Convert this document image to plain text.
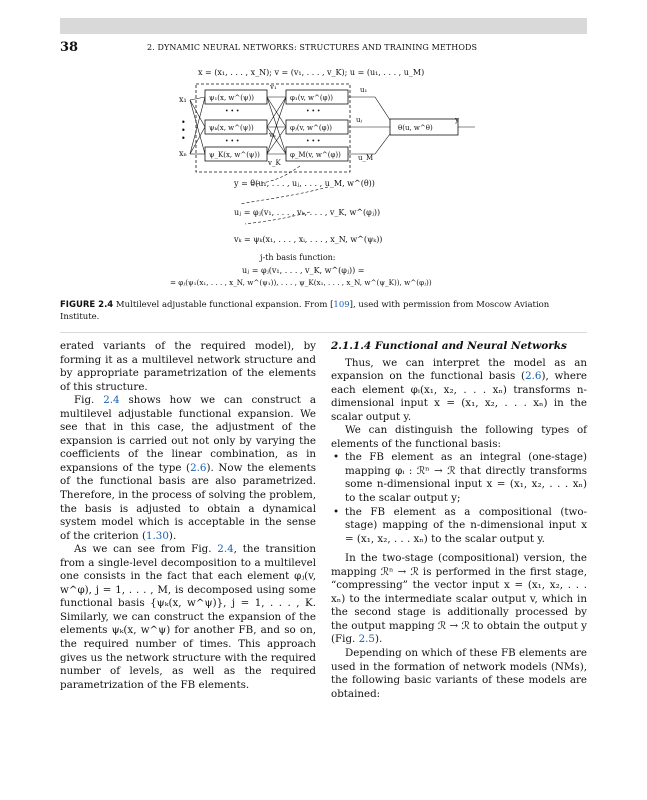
38	2. DYNAMIC NEURAL NETWORKS: STRUCTURES AND TRAINING METHODS
x = (x₁, . . . , x_N); v = (v₁, . . . , v_K); u = (u₁, . . . , u_M)
x₁
•
•
•
xₙ
ψ₁(x, w^(ψ))
• • •
ψₖ(x, w^(ψ))
• • •
ψ_K(x, w^(ψ))
v₁
vₖ
v_K
φ₁(v, w^(φ))
• • •
φⱼ(v, w^(φ))
• • •
φ_M(v, w^(φ))
u₁
uⱼ
u_M
θ(u, w^θ)
y
y = θ(u₁, . . . , uⱼ, . . . , u_M, w^(θ))
uⱼ = φⱼ(v₁, . . . , vₖ, . . . , v_K, w^(φⱼ))
vₖ = ψₖ(x₁, . . . , xᵢ, . . . , x_N, w^(ψₖ))
j-th basis function:
uⱼ = φⱼ(v₁, . . . , v_K, w^(φⱼ)) =
= φⱼ(ψ₁(x₁, . . . , x_N, w^(ψ₁)), . . . , ψ_K(x₁, . . . , x_N, w^(ψ_K)), w^(φⱼ))
FIGURE 2.4 Multilevel adjustable functional expansion. From [109], used with permission from Moscow Aviation Institute.

erated variants of the required model), by forming it as a multilevel network structure and by appropriate parametrization of the elements of this structure.

Fig. 2.4 shows how we can construct a multilevel adjustable functional expansion. We see that in this case, the adjustment of the expansion is carried out not only by varying the coefficients of the linear combination, as in expansions of the type (2.6). Now the elements of the functional basis are also parametrized. Therefore, in the process of solving the problem, the basis is adjusted to obtain a dynamical system model which is acceptable in the sense of the criterion (1.30).

As we can see from Fig. 2.4, the transition from a single-level decomposition to a multilevel one consists in the fact that each element φⱼ(v, w^φ), j = 1, . . . , M, is decomposed using some functional basis {ψₖ(x, w^ψ)}, j = 1, . . . , K. Similarly, we can construct the expansion of the elements ψₖ(x, w^ψ) for another FB, and so on, the required number of times. This approach gives us the network structure with the required number of levels, as well as the required parametrization of the FB elements.

2.1.1.4 Functional and Neural Networks

Thus, we can interpret the model as an expansion on the functional basis (2.6), where each element φᵢ(x₁, x₂, . . . xₙ) transforms n-dimensional input x = (x₁, x₂, . . . xₙ) in the scalar output y.

We can distinguish the following types of elements of the functional basis:

• the FB element as an integral (one-stage) mapping φᵢ : ℛⁿ → ℛ that directly transforms some n-dimensional input x = (x₁, x₂, . . . xₙ) to the scalar output y;

• the FB element as a compositional (two-stage) mapping of the n-dimensional input x = (x₁, x₂, . . . xₙ) to the scalar output y.

In the two-stage (compositional) version, the mapping ℛⁿ → ℛ is performed in the first stage, “compressing” the vector input x = (x₁, x₂, . . . xₙ) to the intermediate scalar output v, which in the second stage is additionally processed by the output mapping ℛ → ℛ to obtain the output y (Fig. 2.5).

Depending on which of these FB elements are used in the formation of network models (NMs), the following basic variants of these models are obtained:
